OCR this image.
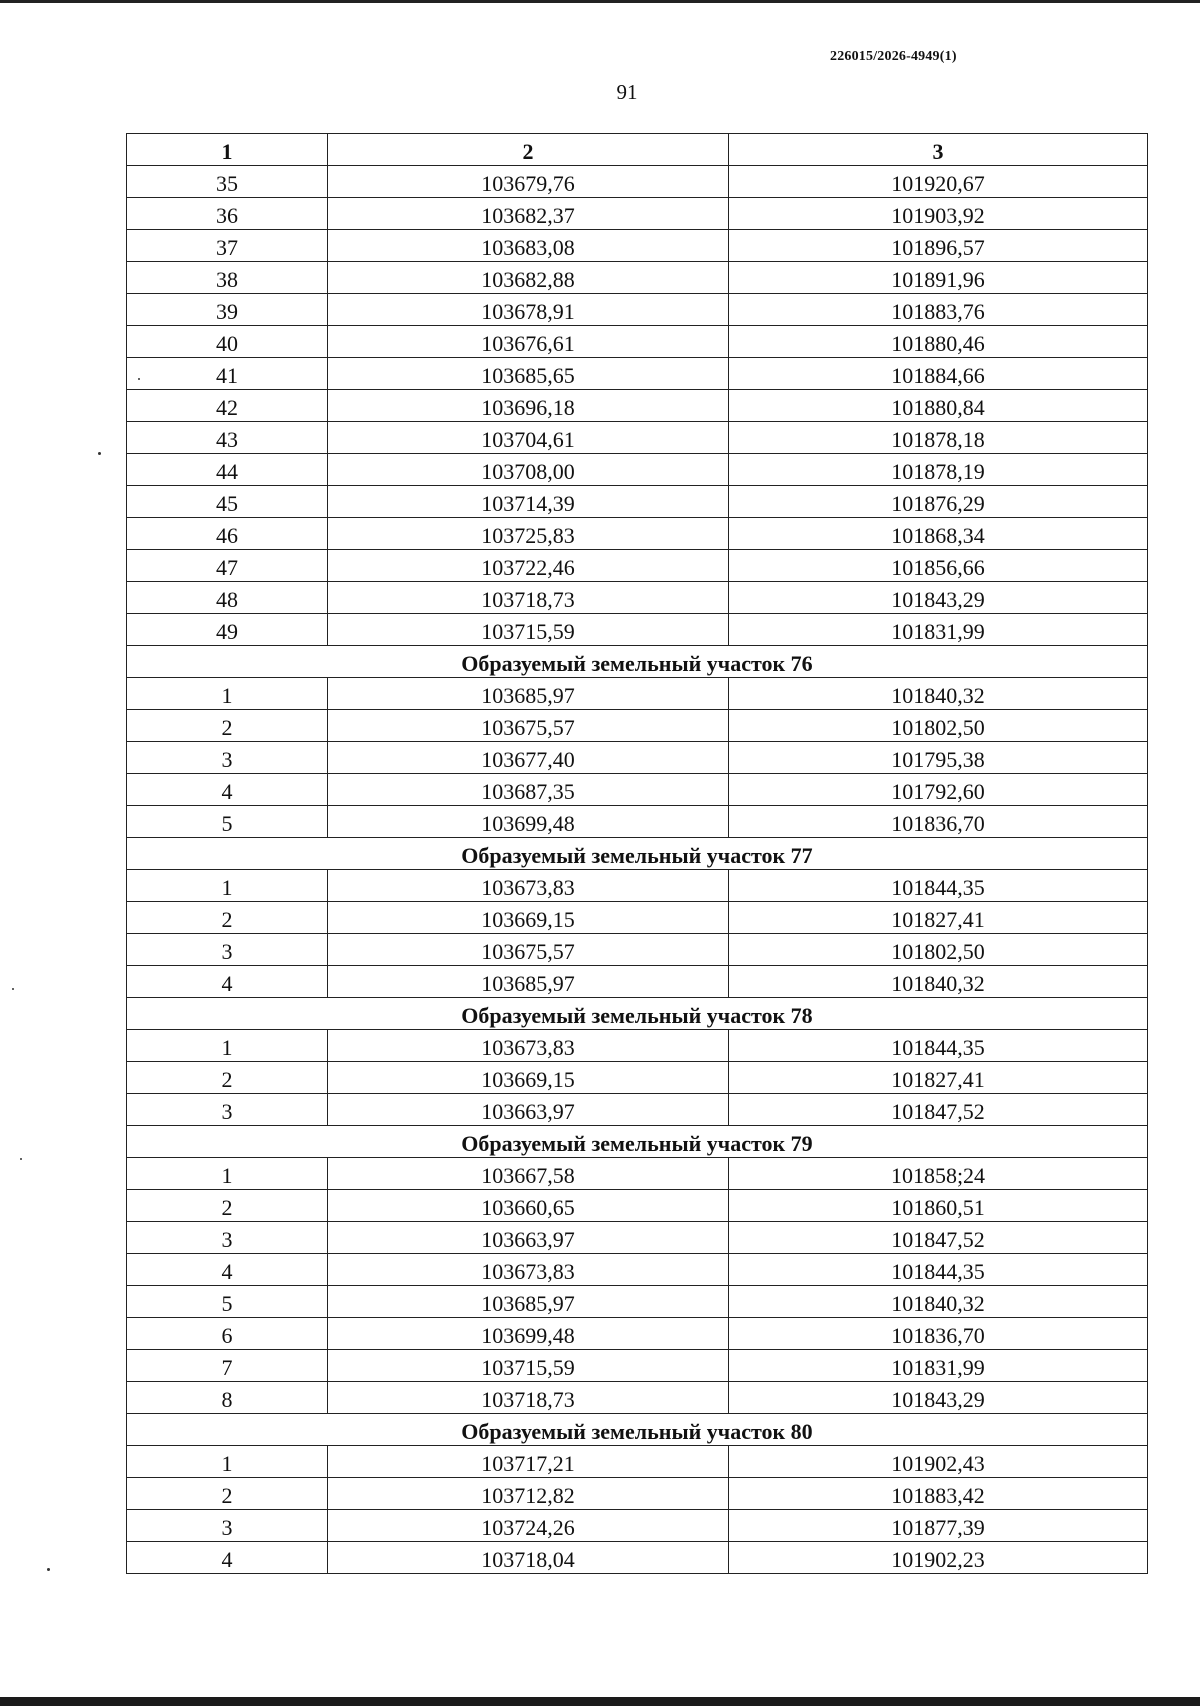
226015/2026-4949(1)
91
1	2	3
35	103679,76	101920,67
36	103682,37	101903,92
37	103683,08	101896,57
38	103682,88	101891,96
39	103678,91	101883,76
40	103676,61	101880,46
41	103685,65	101884,66
42	103696,18	101880,84
43	103704,61	101878,18
44	103708,00	101878,19
45	103714,39	101876,29
46	103725,83	101868,34
47	103722,46	101856,66
48	103718,73	101843,29
49	103715,59	101831,99
Образуемый земельный участок 76		
1	103685,97	101840,32
2	103675,57	101802,50
3	103677,40	101795,38
4	103687,35	101792,60
5	103699,48	101836,70
Образуемый земельный участок 77		
1	103673,83	101844,35
2	103669,15	101827,41
3	103675,57	101802,50
4	103685,97	101840,32
Образуемый земельный участок 78		
1	103673,83	101844,35
2	103669,15	101827,41
3	103663,97	101847,52
Образуемый земельный участок 79		
1	103667,58	101858;24
2	103660,65	101860,51
3	103663,97	101847,52
4	103673,83	101844,35
5	103685,97	101840,32
6	103699,48	101836,70
7	103715,59	101831,99
8	103718,73	101843,29
Образуемый земельный участок 80		
1	103717,21	101902,43
2	103712,82	101883,42
3	103724,26	101877,39
4	103718,04	101902,23
